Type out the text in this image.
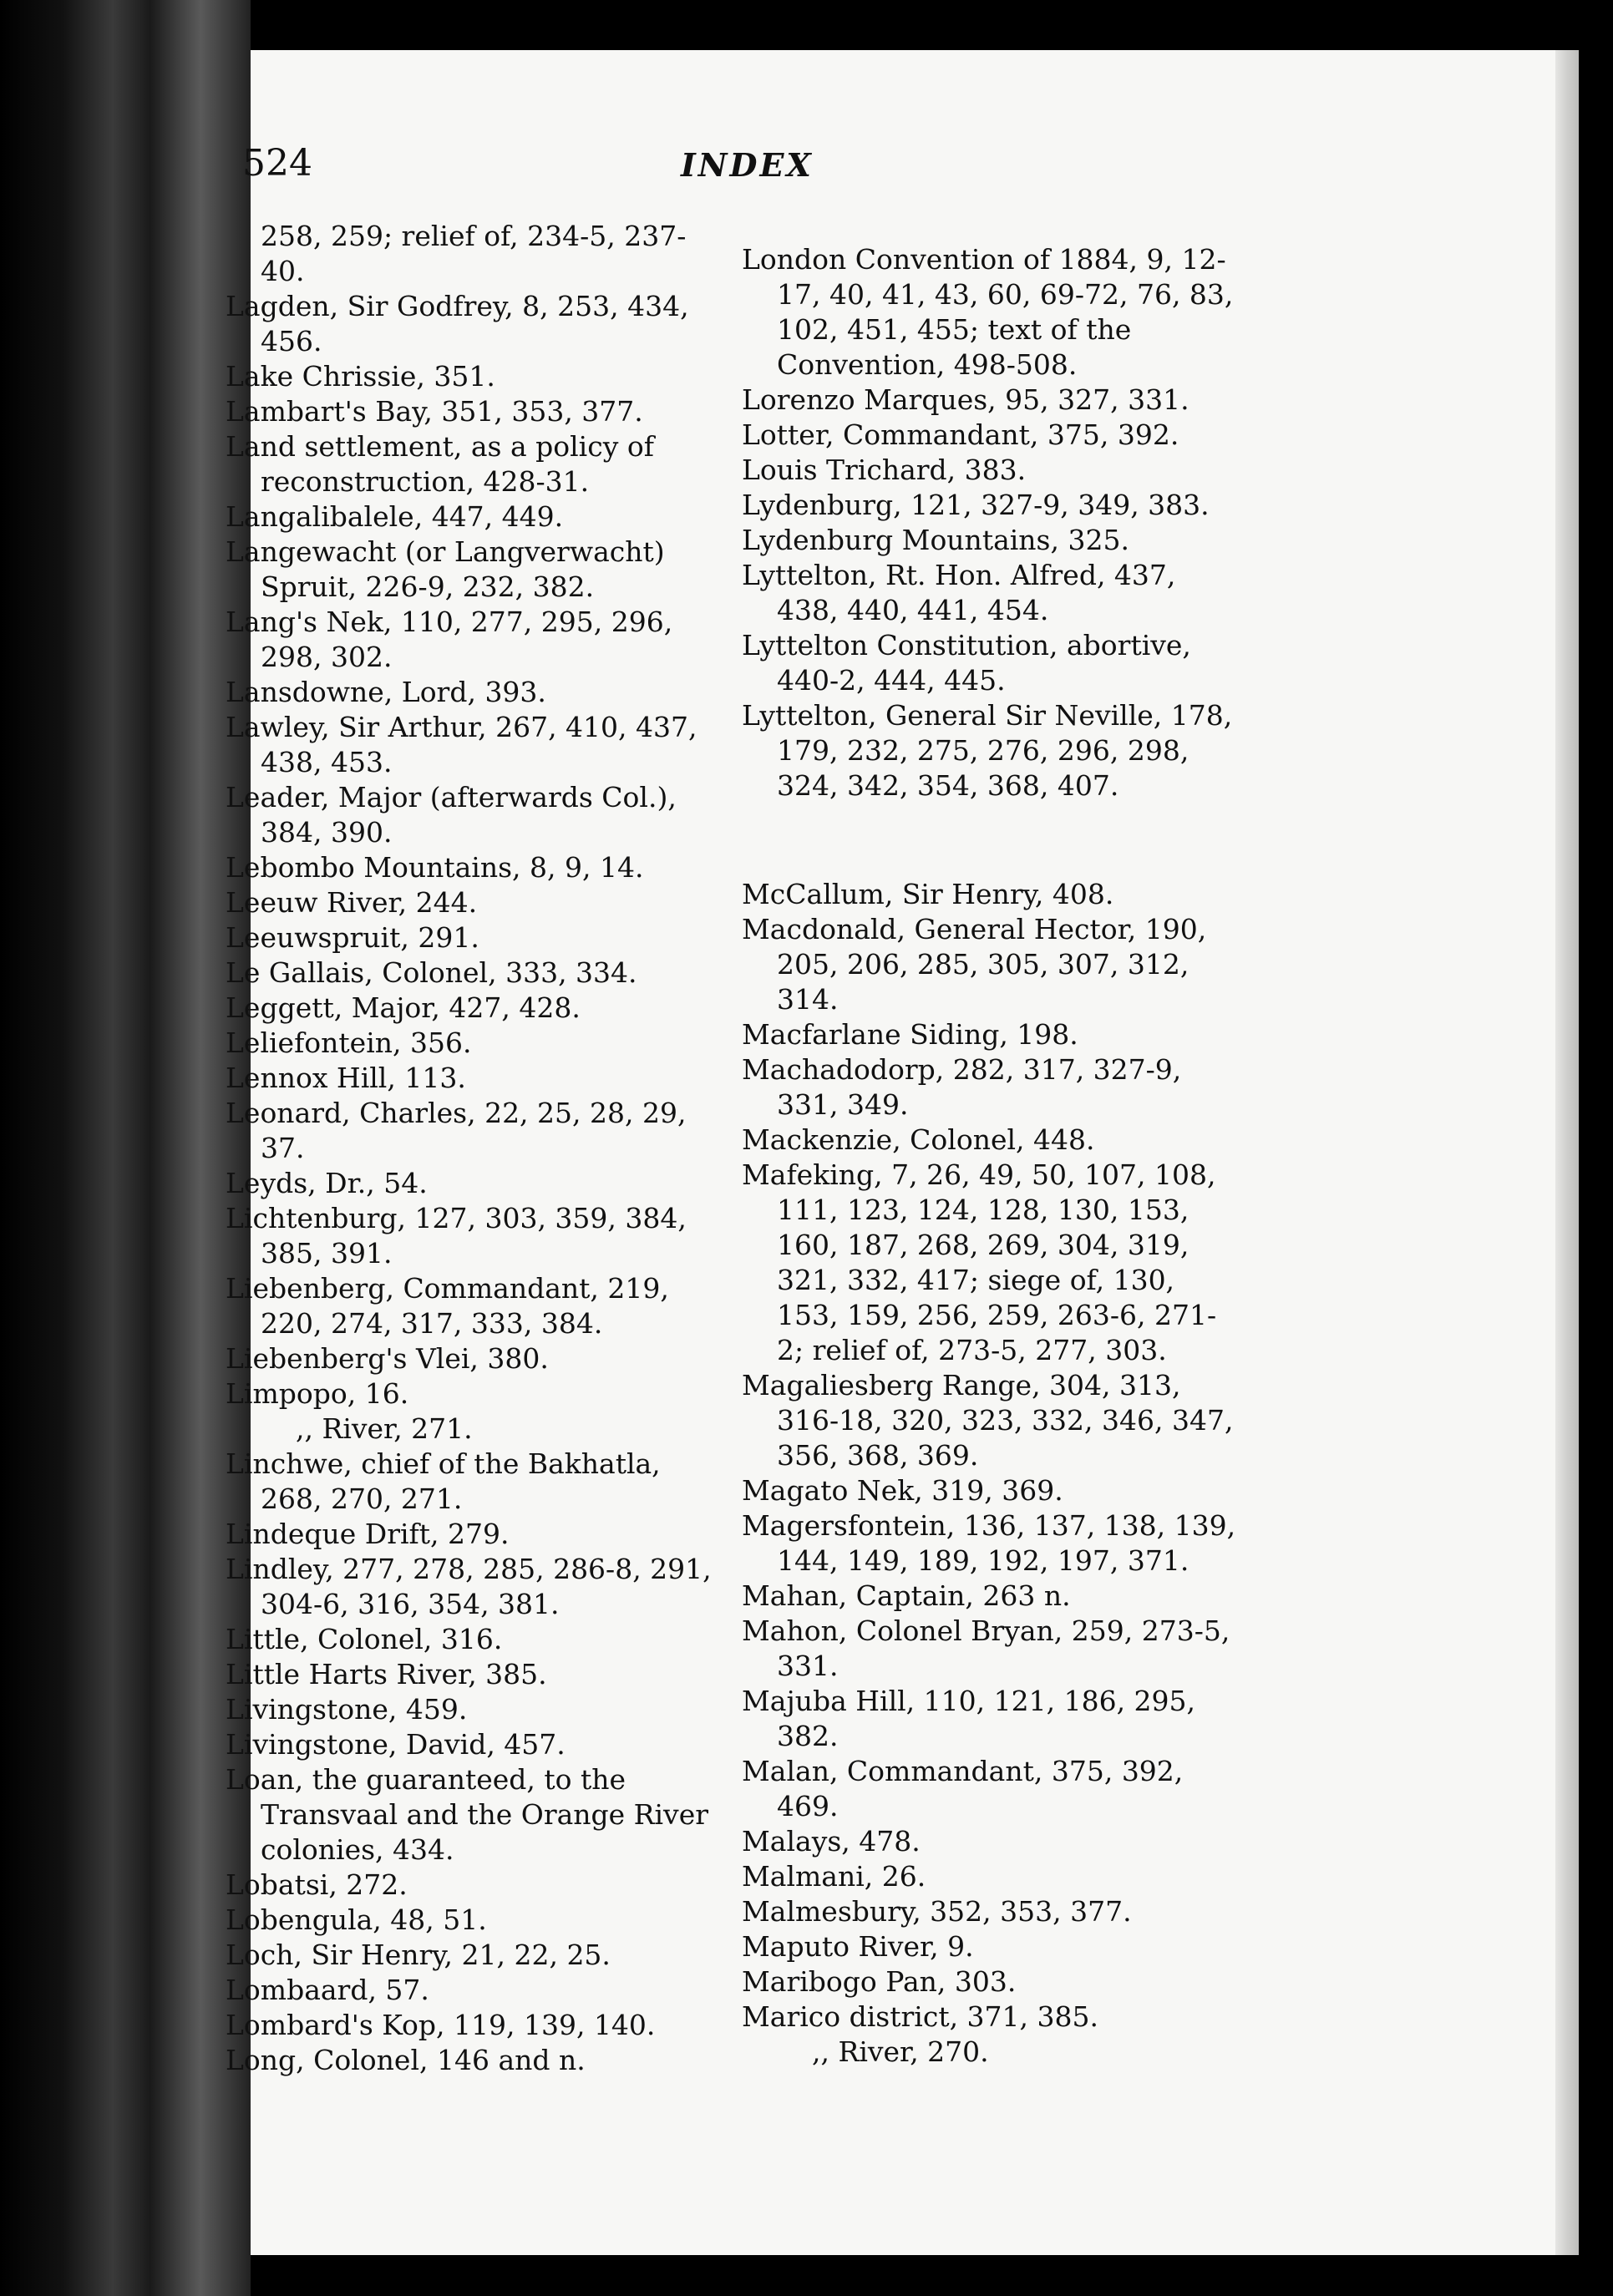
524	INDEX

258, 259; relief of, 234-5, 237-40.

Lagden, Sir Godfrey, 8, 253, 434, 456.

Lake Chrissie, 351.

Lambart's Bay, 351, 353, 377.

Land settlement, as a policy of reconstruction, 428-31.

Langalibalele, 447, 449.

Langewacht (or Langverwacht) Spruit, 226-9, 232, 382.

Lang's Nek, 110, 277, 295, 296, 298, 302.

Lansdowne, Lord, 393.

Lawley, Sir Arthur, 267, 410, 437, 438, 453.

Leader, Major (afterwards Col.), 384, 390.

Lebombo Mountains, 8, 9, 14.

Leeuw River, 244.

Leeuwspruit, 291.

Le Gallais, Colonel, 333, 334.

Leggett, Major, 427, 428.

Leliefontein, 356.

Lennox Hill, 113.

Leonard, Charles, 22, 25, 28, 29, 37.

Leyds, Dr., 54.

Lichtenburg, 127, 303, 359, 384, 385, 391.

Liebenberg, Commandant, 219, 220, 274, 317, 333, 384.

Liebenberg's Vlei, 380.

Limpopo, 16.

,, River, 271.

Linchwe, chief of the Bakhatla, 268, 270, 271.

Lindeque Drift, 279.

Lindley, 277, 278, 285, 286-8, 291, 304-6, 316, 354, 381.

Little, Colonel, 316.

Little Harts River, 385.

Livingstone, 459.

Livingstone, David, 457.

Loan, the guaranteed, to the Transvaal and the Orange River colonies, 434.

Lobatsi, 272.

Lobengula, 48, 51.

Loch, Sir Henry, 21, 22, 25.

Lombaard, 57.

Lombard's Kop, 119, 139, 140.

Long, Colonel, 146 and n.

London Convention of 1884, 9, 12-17, 40, 41, 43, 60, 69-72, 76, 83, 102, 451, 455; text of the Convention, 498-508.

Lorenzo Marques, 95, 327, 331.

Lotter, Commandant, 375, 392.

Louis Trichard, 383.

Lydenburg, 121, 327-9, 349, 383.

Lydenburg Mountains, 325.

Lyttelton, Rt. Hon. Alfred, 437, 438, 440, 441, 454.

Lyttelton Constitution, abortive, 440-2, 444, 445.

Lyttelton, General Sir Neville, 178, 179, 232, 275, 276, 296, 298, 324, 342, 354, 368, 407.

McCallum, Sir Henry, 408.

Macdonald, General Hector, 190, 205, 206, 285, 305, 307, 312, 314.

Macfarlane Siding, 198.

Machadodorp, 282, 317, 327-9, 331, 349.

Mackenzie, Colonel, 448.

Mafeking, 7, 26, 49, 50, 107, 108, 111, 123, 124, 128, 130, 153, 160, 187, 268, 269, 304, 319, 321, 332, 417; siege of, 130, 153, 159, 256, 259, 263-6, 271-2; relief of, 273-5, 277, 303.

Magaliesberg Range, 304, 313, 316-18, 320, 323, 332, 346, 347, 356, 368, 369.

Magato Nek, 319, 369.

Magersfontein, 136, 137, 138, 139, 144, 149, 189, 192, 197, 371.

Mahan, Captain, 263 n.

Mahon, Colonel Bryan, 259, 273-5, 331.

Majuba Hill, 110, 121, 186, 295, 382.

Malan, Commandant, 375, 392, 469.

Malays, 478.

Malmani, 26.

Malmesbury, 352, 353, 377.

Maputo River, 9.

Maribogo Pan, 303.

Marico district, 371, 385.

,, River, 270.
